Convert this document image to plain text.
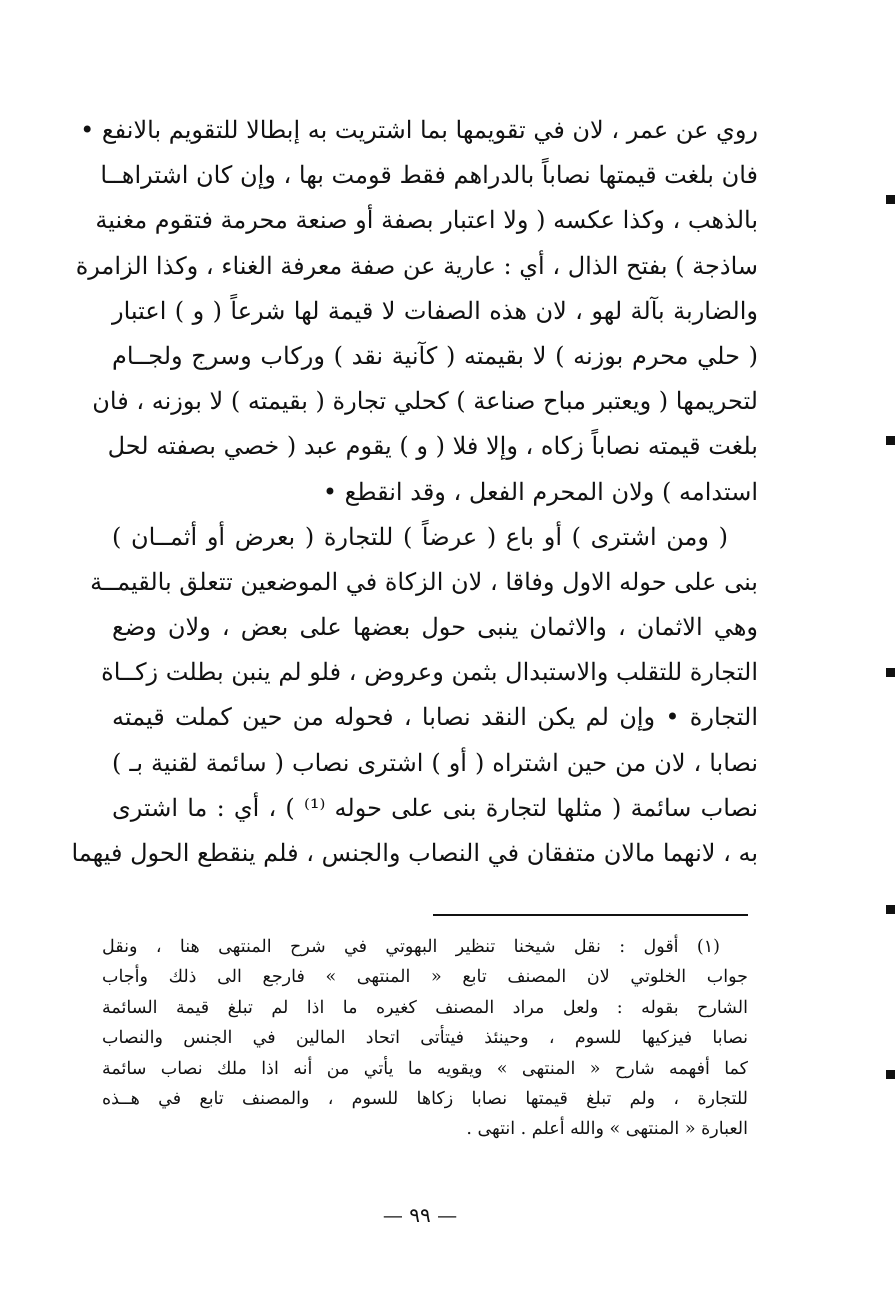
روي عن عمر ، لان في تقويمها بما اشتريت به إبطالا للتقويم بالانفع •
فان بلغت قيمتها نصاباً بالدراهم فقط قومت بها ، وإن كان اشتراهــا
بالذهب ، وكذا عكسه ( ولا اعتبار بصفة أو صنعة محرمة فتقوم مغنية
ساذجة ) بفتح الذال ، أي : عارية عن صفة معرفة الغناء ، وكذا الزامرة
والضاربة بآلة لهو ، لان هذه الصفات لا قيمة لها شرعاً ( و ) اعتبار
( حلي محرم بوزنه ) لا بقيمته ( كآنية نقد ) وركاب وسرج ولجــام
لتحريمها ( ويعتبر مباح صناعة ) كحلي تجارة ( بقيمته ) لا بوزنه ، فان
بلغت قيمته نصاباً زكاه ، وإلا فلا ( و ) يقوم عبد ( خصي بصفته لحل
استدامه ) ولان المحرم الفعل ، وقد انقطع •
( ومن اشترى ) أو باع ( عرضاً ) للتجارة ( بعرض أو أثمــان )
بنى على حوله الاول وفاقا ، لان الزكاة في الموضعين تتعلق بالقيمــة
وهي الاثمان ، والاثمان ينبى حول بعضها على بعض ، ولان وضع
التجارة للتقلب والاستبدال بثمن وعروض ، فلو لم ينبن بطلت زكــاة
التجارة • وإن لم يكن النقد نصابا ، فحوله من حين كملت قيمته
نصابا ، لان من حين اشتراه ( أو ) اشترى نصاب ( سائمة لقنية بـ )
نصاب سائمة ( مثلها لتجارة بنى على حوله ⁽¹⁾ ) ، أي : ما اشترى
به ، لانهما مالان متفقان في النصاب والجنس ، فلم ينقطع الحول فيهما
(١) أقول : نقل شيخنا تنظير البهوتي في شرح المنتهى هنا ، ونقل
جواب الخلوتي لان المصنف تابع « المنتهى » فارجع الى ذلك وأجاب
الشارح بقوله : ولعل مراد المصنف كغيره ما اذا لم تبلغ قيمة السائمة
نصابا فيزكيها للسوم ، وحينئذ فيتأتى اتحاد المالين في الجنس والنصاب
كما أفهمه شارح « المنتهى » ويقويه ما يأتي من أنه اذا ملك نصاب سائمة
للتجارة ، ولم تبلغ قيمتها نصابا زكاها للسوم ، والمصنف تابع في هــذه
العبارة « المنتهى » والله أعلم . انتهى .
— ٩٩ —
